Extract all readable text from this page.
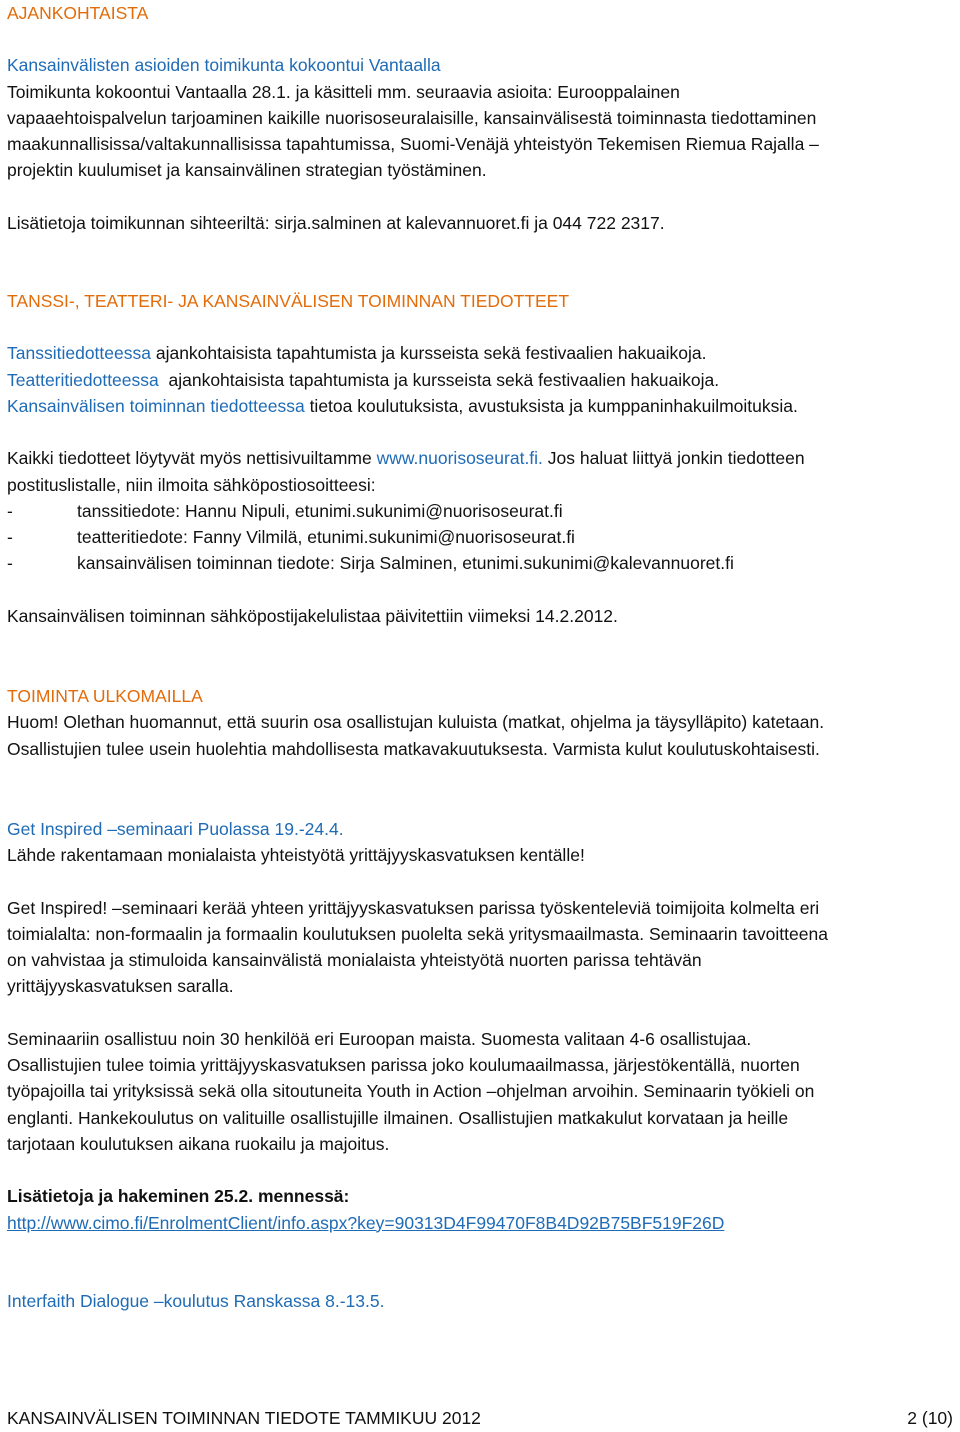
AJANKOHTAISTA

Kansainvälisten asioiden toimikunta kokoontui Vantaalla

Toimikunta kokoontui Vantaalla 28.1. ja käsitteli mm. seuraavia asioita: Eurooppalainen

vapaaehtoispalvelun tarjoaminen kaikille nuorisoseuralaisille, kansainvälisestä toiminnasta tiedottaminen

maakunnallisissa/valtakunnallisissa tapahtumissa, Suomi-Venäjä yhteistyön Tekemisen Riemua Rajalla –

projektin kuulumiset ja kansainvälinen strategian työstäminen.

Lisätietoja toimikunnan sihteeriltä: sirja.salminen at kalevannuoret.fi ja 044 722 2317.

TANSSI-, TEATTERI- JA KANSAINVÄLISEN TOIMINNAN TIEDOTTEET

Tanssitiedotteessa ajankohtaisista tapahtumista ja kursseista sekä festivaalien hakuaikoja.

Teatteritiedotteessa  ajankohtaisista tapahtumista ja kursseista sekä festivaalien hakuaikoja.

Kansainvälisen toiminnan tiedotteessa tietoa koulutuksista, avustuksista ja kumppaninhakuilmoituksia.

Kaikki tiedotteet löytyvät myös nettisivuiltamme www.nuorisoseurat.fi. Jos haluat liittyä jonkin tiedotteen

postituslistalle, niin ilmoita sähköpostiosoitteesi:

-	tanssitiedote: Hannu Nipuli, etunimi.sukunimi@nuorisoseurat.fi
-	teatteritiedote: Fanny Vilmilä, etunimi.sukunimi@nuorisoseurat.fi
-	kansainvälisen toiminnan tiedote: Sirja Salminen, etunimi.sukunimi@kalevannuoret.fi

Kansainvälisen toiminnan sähköpostijakelulistaa päivitettiin viimeksi 14.2.2012.

TOIMINTA ULKOMAILLA

Huom! Olethan huomannut, että suurin osa osallistujan kuluista (matkat, ohjelma ja täysylläpito) katetaan.

Osallistujien tulee usein huolehtia mahdollisesta matkavakuutuksesta. Varmista kulut koulutuskohtaisesti.

Get Inspired –seminaari Puolassa 19.-24.4.

Lähde rakentamaan monialaista yhteistyötä yrittäjyyskasvatuksen kentälle!

Get Inspired! –seminaari kerää yhteen yrittäjyyskasvatuksen parissa työskenteleviä toimijoita kolmelta eri

toimialalta: non-formaalin ja formaalin koulutuksen puolelta sekä yritysmaailmasta. Seminaarin tavoitteena

on vahvistaa ja stimuloida kansainvälistä monialaista yhteistyötä nuorten parissa tehtävän

yrittäjyyskasvatuksen saralla.

Seminaariin osallistuu noin 30 henkilöä eri Euroopan maista. Suomesta valitaan 4-6 osallistujaa.

Osallistujien tulee toimia yrittäjyyskasvatuksen parissa joko koulumaailmassa, järjestökentällä, nuorten

työpajoilla tai yrityksissä sekä olla sitoutuneita Youth in Action –ohjelman arvoihin. Seminaarin työkieli on

englanti. Hankekoulutus on valituille osallistujille ilmainen. Osallistujien matkakulut korvataan ja heille

tarjotaan koulutuksen aikana ruokailu ja majoitus.

Lisätietoja ja hakeminen 25.2. mennessä:

http://www.cimo.fi/EnrolmentClient/info.aspx?key=90313D4F99470F8B4D92B75BF519F26D

Interfaith Dialogue –koulutus Ranskassa 8.-13.5.

KANSAINVÄLISEN TOIMINNAN TIEDOTE TAMMIKUU 2012	2 (10)
